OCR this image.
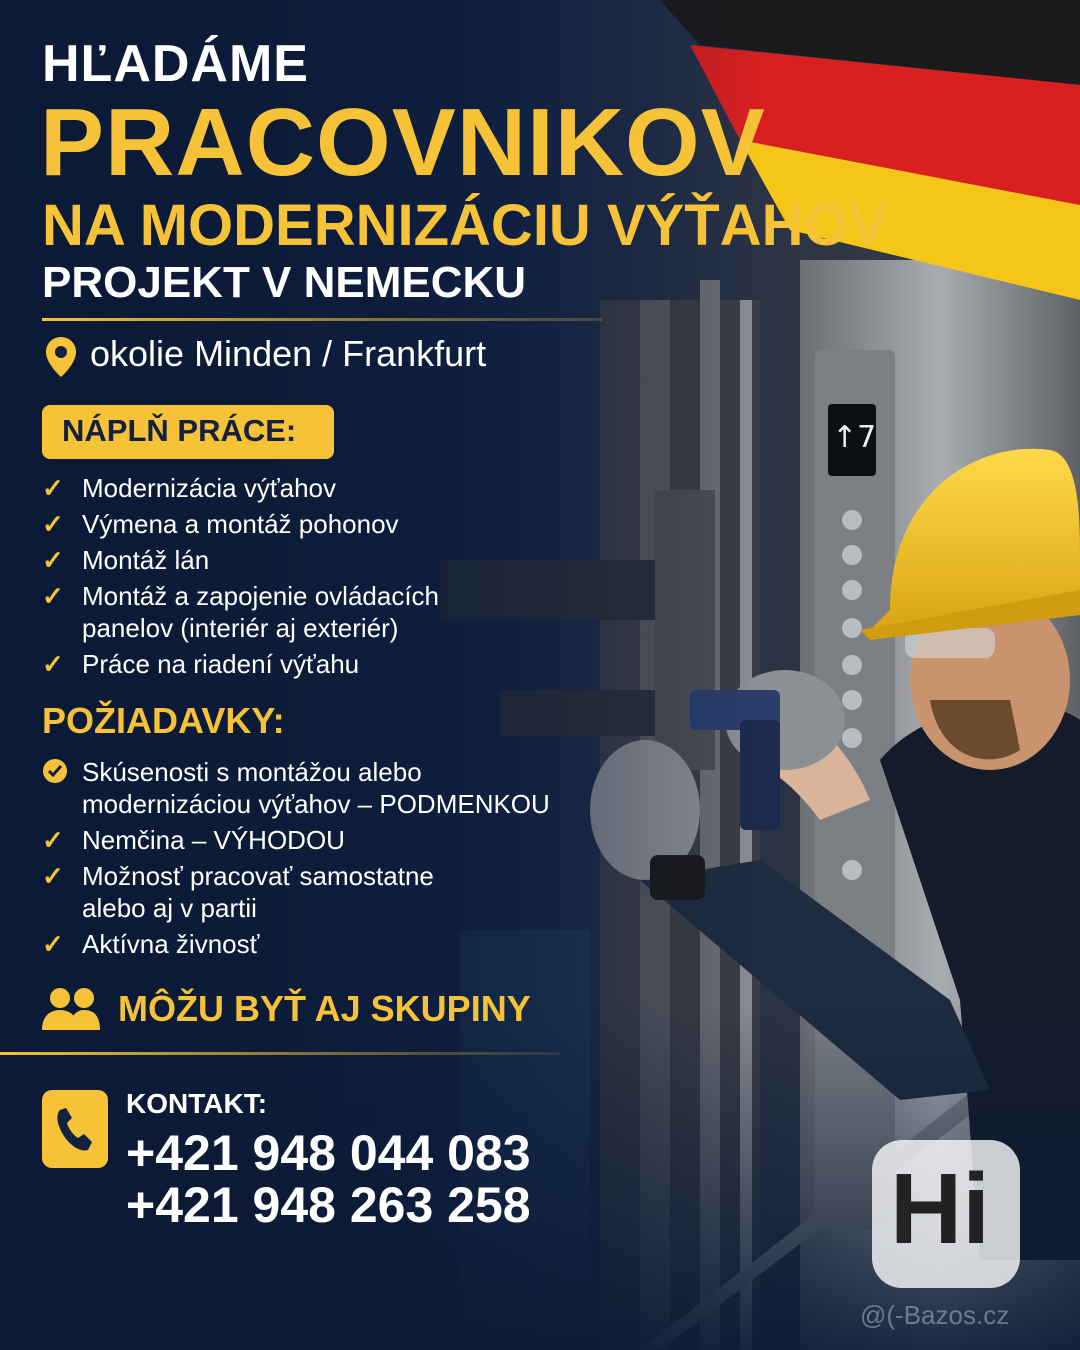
HĽADÁME
PRACOVNIKOV
NA MODERNIZÁCIU VÝŤAHOV
PROJEKT V NEMECKU
okolie Minden / Frankfurt
NÁPLŇ PRÁCE:
✓ Modernizácia výťahov
✓ Výmena a montáž pohonov
✓ Montáž lán
✓ Montáž a zapojenie ovládacích
panelov (interiér aj exteriér)
✓ Práce na riadení výťahu
POŽIADAVKY:
Skúsenosti s montážou alebo
modernizáciou výťahov – PODMENKOU
✓ Nemčina – VÝHODOU
✓ Možnosť pracovať samostatne
alebo aj v partii
✓ Aktívna živnosť
MÔŽU BYŤ AJ SKUPINY
KONTAKT:
+421 948 044 083
+421 948 263 258
↑7
Hi
@(-Bazos.cz
